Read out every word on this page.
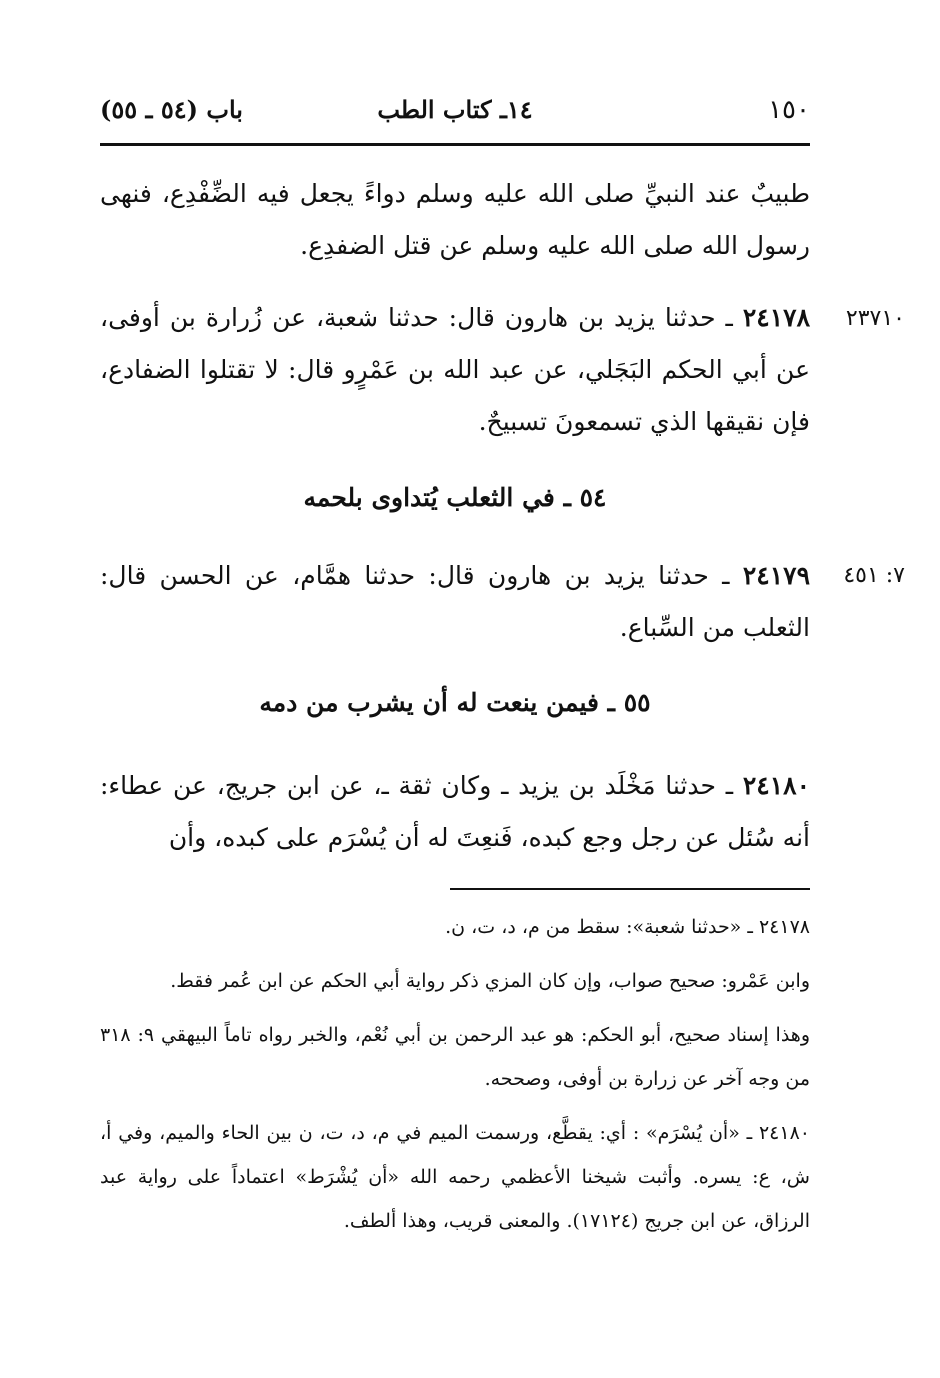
١٥٠
١٤ـ كتاب الطب
باب (٥٤ ـ ٥٥)
طبيبٌ عند النبيِّ صلى الله عليه وسلم دواءً يجعل فيه الضِّفْدِع، فنهى رسول الله صلى الله عليه وسلم عن قتل الضفدِع.
٢٣٧١٠
٢٤١٧٨ ـ حدثنا يزيد بن هارون قال: حدثنا شعبة، عن زُرارة بن أوفى، عن أبي الحكم البَجَلي، عن عبد الله بن عَمْرٍو قال: لا تقتلوا الضفادع، فإن نقيقها الذي تسمعونَ تسبيحٌ.
٥٤ ـ في الثعلب يُتداوى بلحمه
٧: ٤٥١
٢٤١٧٩ ـ حدثنا يزيد بن هارون قال: حدثنا همَّام، عن الحسن قال: الثعلب من السِّباع.
٥٥ ـ فيمن ينعت له أن يشرب من دمه
٢٤١٨٠ ـ حدثنا مَخْلَد بن يزيد ـ وكان ثقة ـ، عن ابن جريج، عن عطاء: أنه سُئل عن رجل وجع كبده، فَنعِتَ له أن يُسْرَم على كبده، وأن

٢٤١٧٨ ـ «حدثنا شعبة»: سقط من م، د، ت، ن.

وابن عَمْرو: صحيح صواب، وإن كان المزي ذكر رواية أبي الحكم عن ابن عُمر فقط.

وهذا إسناد صحيح، أبو الحكم: هو عبد الرحمن بن أبي نُعْم، والخبر رواه تاماً البيهقي ٩: ٣١٨ من وجه آخر عن زرارة بن أوفى، وصححه.

٢٤١٨٠ ـ «أن يُسْرَم» : أي: يقطَّع، ورسمت الميم في م، د، ت، ن بين الحاء والميم، وفي أ، ش، ع: يسره. وأثبت شيخنا الأعظمي رحمه الله «أن يُشْرَط» اعتماداً على رواية عبد الرزاق، عن ابن جريج (١٧١٢٤). والمعنى قريب، وهذا ألطف.
